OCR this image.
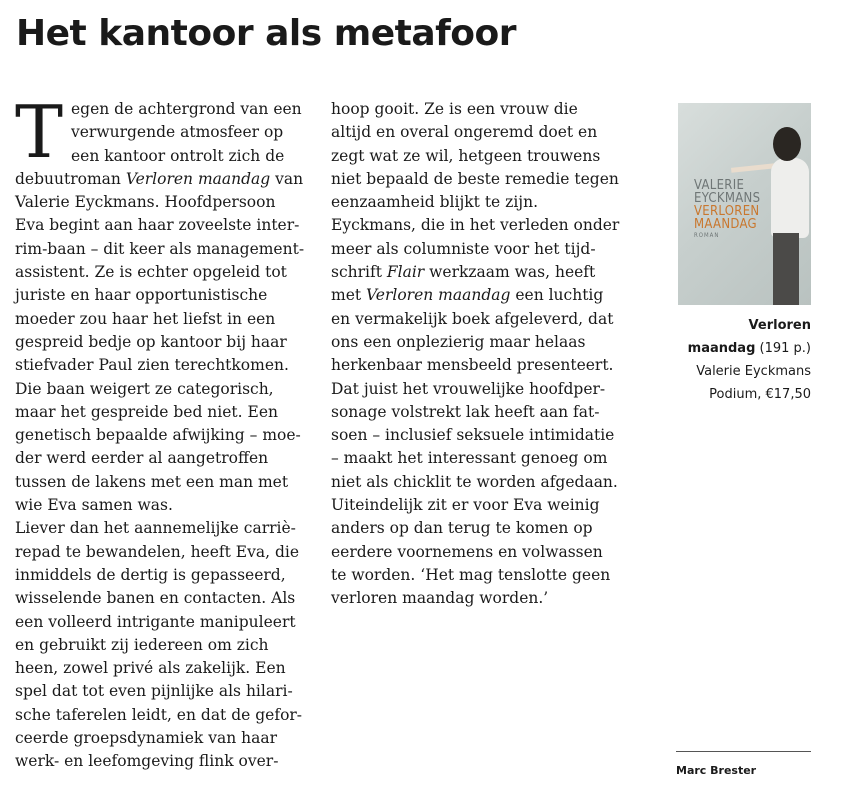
Het kantoor als metafoor
T egen de achtergrond van een
verwurgende atmosfeer op
een kantoor ontrolt zich de
debuutroman Verloren maandag van
Valerie Eyckmans. Hoofdpersoon
Eva begint aan haar zoveelste inter-
rim-baan – dit keer als management-
assistent. Ze is echter opgeleid tot
juriste en haar opportunistische
moeder zou haar het liefst in een
gespreid bedje op kantoor bij haar
stiefvader Paul zien terechtkomen.
Die baan weigert ze categorisch,
maar het gespreide bed niet. Een
genetisch bepaalde afwijking – moe-
der werd eerder al aangetroffen
tussen de lakens met een man met
wie Eva samen was.
Liever dan het aannemelijke carriè-
repad te bewandelen, heeft Eva, die
inmiddels de dertig is gepasseerd,
wisselende banen en contacten. Als
een volleerd intrigante manipuleert
en gebruikt zij iedereen om zich
heen, zowel privé als zakelijk. Een
spel dat tot even pijnlijke als hilari-
sche taferelen leidt, en dat de gefor-
ceerde groepsdynamiek van haar
werk- en leefomgeving flink over-
hoop gooit. Ze is een vrouw die
altijd en overal ongeremd doet en
zegt wat ze wil, hetgeen trouwens
niet bepaald de beste remedie tegen
eenzaamheid blijkt te zijn.
Eyckmans, die in het verleden onder
meer als columniste voor het tijd-
schrift Flair werkzaam was, heeft
met Verloren maandag een luchtig
en vermakelijk boek afgeleverd, dat
ons een onplezierig maar helaas
herkenbaar mensbeeld presenteert.
Dat juist het vrouwelijke hoofdper-
sonage volstrekt lak heeft aan fat-
soen – inclusief seksuele intimidatie
– maakt het interessant genoeg om
niet als chicklit te worden afgedaan.
Uiteindelijk zit er voor Eva weinig
anders op dan terug te komen op
eerdere voornemens en volwassen
te worden. ‘Het mag tenslotte geen
verloren maandag worden.’
VALERIE
EYCKMANS
VERLOREN
MAANDAG
ROMAN
Verloren
maandag (191 p.)
Valerie Eyckmans
Podium, €17,50
Marc Brester
